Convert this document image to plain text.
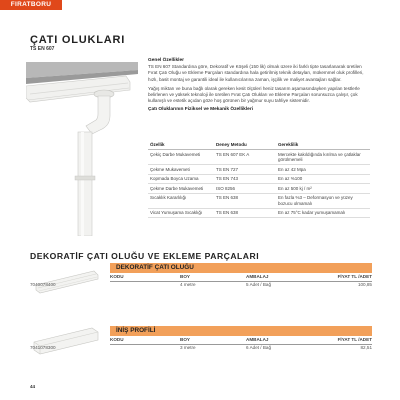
FIRATBORU
ÇATI OLUKLARI
TS EN 607
Genel Özellikler
TS EN 607 Standardına göre, Dekoratif ve Köşeli (150 lik) olmak üzere iki farklı tipte tasarlanarak üretilen Fırat Çatı Oluğu ve Ekleme Parçaları standardına hala getirilmiş teknik detayları, mükemmel oluk profilleri, hızlı, basit montaj ve garantili ideal ile kullanıcılarına zaman, işçilik ve maliyet avantajları sağlar.
Yağış miktarı ve buna bağlı olarak gereken kesit ölçüleri heniz tasarım aşamasındayken yapılan testlerle belirlenen ve yüksek teknoloji ile üretilen Fırat Çatı Olukları ve Ekleme Parçaları sorunsuzca çalışır, çok kullanışlı ve estetik açıdan göze hoş görünen bir yağmur suyu tahliye sistemidir.
Çatı Oluklarının Fiziksel ve Mekanik Özellikleri
Özellik	Deney Metodu	Gereklilik
Çekiç Darbe Mukavemeti	TS EN 607 EK A	Mercekte kakıldığında kırılma ve çatlaklar görülmemeli
Çekme Mukavemeti	TS EN 727	En az 42 Mpa
Kopmada Boyca Uzama	TS EN 743	En az %100
Çekme Darbe Mukavemeti	ISO 8256	En az 500 kj / m²
Sıcaklık Kararlılığı	TS EN 638	En fazla %3 – Deformasyon ve yüzey bozucu olmamalı
Vicat Yumuşama Sıcaklığı	TS EN 638	En az 75°C kadar yumuşamamalı
DEKORATİF ÇATI OLUĞU VE EKLEME PARÇALARI
DEKORATİF ÇATI OLUĞU
KODU	BOY	AMBALAJ	FİYAT TL /ADET
7040078400	4 metre	5 Adet / Bağ	100,85
İNİŞ PROFİLİ
KODU	BOY	AMBALAJ	FİYAT TL /ADET
7041078300	3 metre	6 Adet / Bağ	82,51
44
